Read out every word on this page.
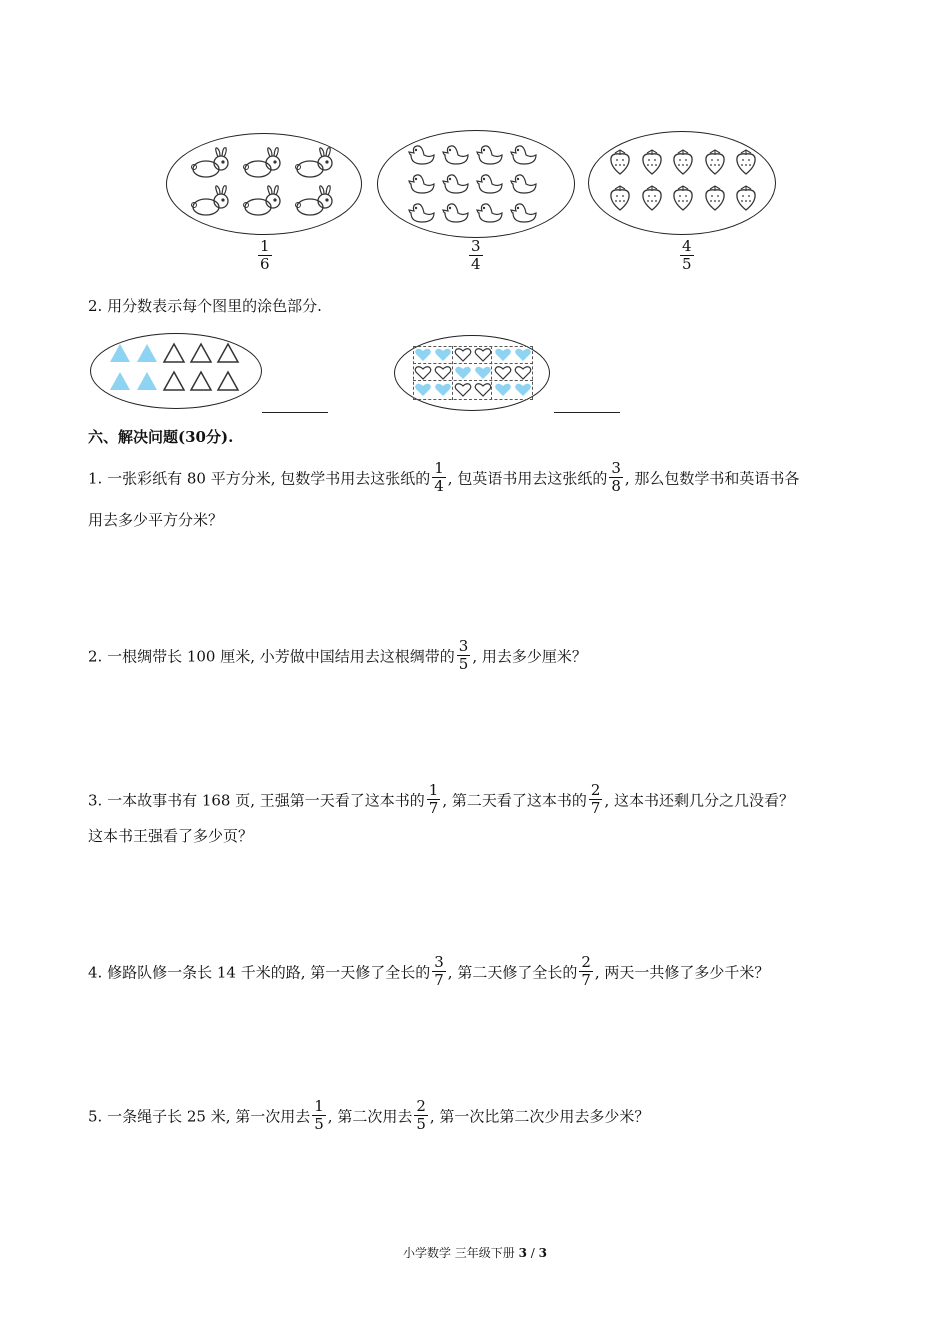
$\frac{1}{6}$	$\frac{3}{4}$	$\frac{4}{5}$
2. 用分数表示每个图里的涂色部分.
六、解决问题(30分).
1. 一张彩纸有 80 平方分米, 包数学书用去这张纸的 $\frac{1}{4}$ , 包英语书用去这张纸的 $\frac{3}{8}$ , 那么包数学书和英语书各
用去多少平方分米？
2. 一根绸带长 100 厘米, 小芳做中国结用去这根绸带的 $\frac{3}{5}$ , 用去多少厘米？
3. 一本故事书有 168 页, 王强第一天看了这本书的 $\frac{1}{7}$ , 第二天看了这本书的 $\frac{2}{7}$ , 这本书还剩几分之几没看？
这本书王强看了多少页？
4. 修路队修一条长 14 千米的路, 第一天修了全长的 $\frac{3}{7}$ , 第二天修了全长的 $\frac{2}{7}$ , 两天一共修了多少千米？
5. 一条绳子长 25 米, 第一次用去 $\frac{1}{5}$ , 第二次用去 $\frac{2}{5}$ , 第一次比第二次少用去多少米？
小学数学 三年级下册 3 / 3
